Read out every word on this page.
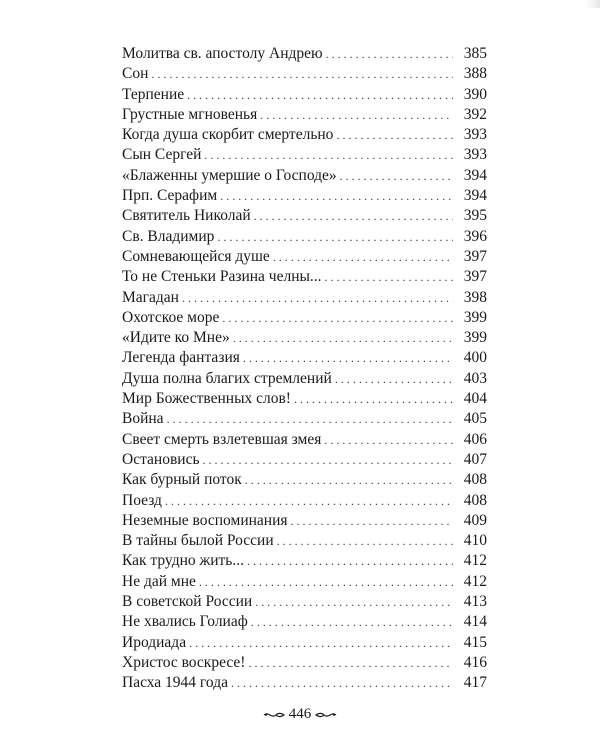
Молитва св. апостолу Андрею . . .	385
Сон . . .	388
Терпение . . .	390
Грустные мгновенья . . .	392
Когда душа скорбит смертельно . . .	393
Сын Сергей . . .	393
«Блаженны умершие о Господе» . . .	394
Прп. Серафим . . .	394
Святитель Николай . . .	395
Св. Владимир . . .	396
Сомневающейся душе . . .	397
То не Стеньки Разина челны... . . .	397
Магадан . . .	398
Охотское море . . .	399
«Идите ко Мне» . . .	399
Легенда фантазия . . .	400
Душа полна благих стремлений . . .	403
Мир Божественных слов! . . .	404
Война . . .	405
Свеет смерть взлетевшая змея . . .	406
Остановись . . .	407
Как бурный поток . . .	408
Поезд . . .	408
Неземные воспоминания . . .	409
В тайны былой России . . .	410
Как трудно жить... . . .	412
Не дай мне . . .	412
В советской России . . .	413
Не хвались Голиаф . . .	414
Иродиада . . .	415
Христос воскресе! . . .	416
Пасха 1944 года . . .	417
446
